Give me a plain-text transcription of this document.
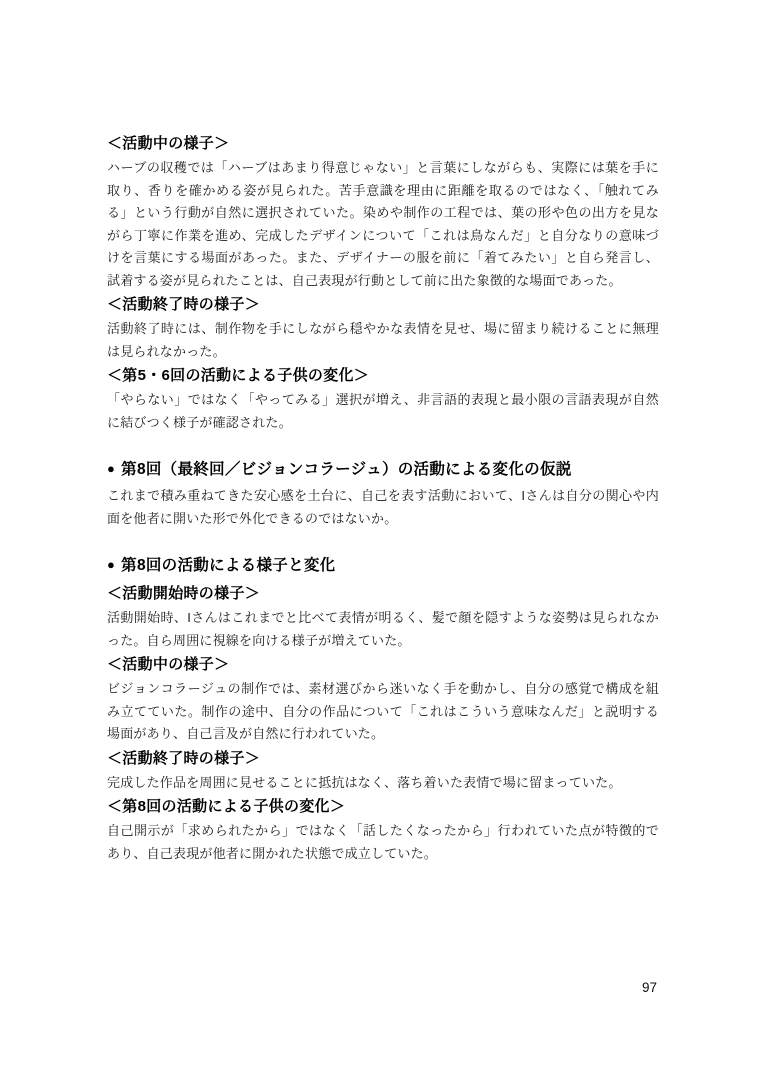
＜活動中の様子＞

ハーブの収穫では「ハーブはあまり得意じゃない」と言葉にしながらも、実際には葉を手に取り、香りを確かめる姿が見られた。苦手意識を理由に距離を取るのではなく、「触れてみる」という行動が自然に選択されていた。染めや制作の工程では、葉の形や色の出方を見ながら丁寧に作業を進め、完成したデザインについて「これは鳥なんだ」と自分なりの意味づけを言葉にする場面があった。また、デザイナーの服を前に「着てみたい」と自ら発言し、試着する姿が見られたことは、自己表現が行動として前に出た象徴的な場面であった。

＜活動終了時の様子＞

活動終了時には、制作物を手にしながら穏やかな表情を見せ、場に留まり続けることに無理は見られなかった。

＜第5・6回の活動による子供の変化＞

「やらない」ではなく「やってみる」選択が増え、非言語的表現と最小限の言語表現が自然に結びつく様子が確認された。

● 第8回（最終回／ビジョンコラージュ）の活動による変化の仮説

これまで積み重ねてきた安心感を土台に、自己を表す活動において、Iさんは自分の関心や内面を他者に開いた形で外化できるのではないか。

● 第8回の活動による様子と変化
＜活動開始時の様子＞

活動開始時、Iさんはこれまでと比べて表情が明るく、髪で顔を隠すような姿勢は見られなかった。自ら周囲に視線を向ける様子が増えていた。

＜活動中の様子＞

ビジョンコラージュの制作では、素材選びから迷いなく手を動かし、自分の感覚で構成を組み立てていた。制作の途中、自分の作品について「これはこういう意味なんだ」と説明する場面があり、自己言及が自然に行われていた。

＜活動終了時の様子＞

完成した作品を周囲に見せることに抵抗はなく、落ち着いた表情で場に留まっていた。

＜第8回の活動による子供の変化＞

自己開示が「求められたから」ではなく「話したくなったから」行われていた点が特徴的であり、自己表現が他者に開かれた状態で成立していた。

97
